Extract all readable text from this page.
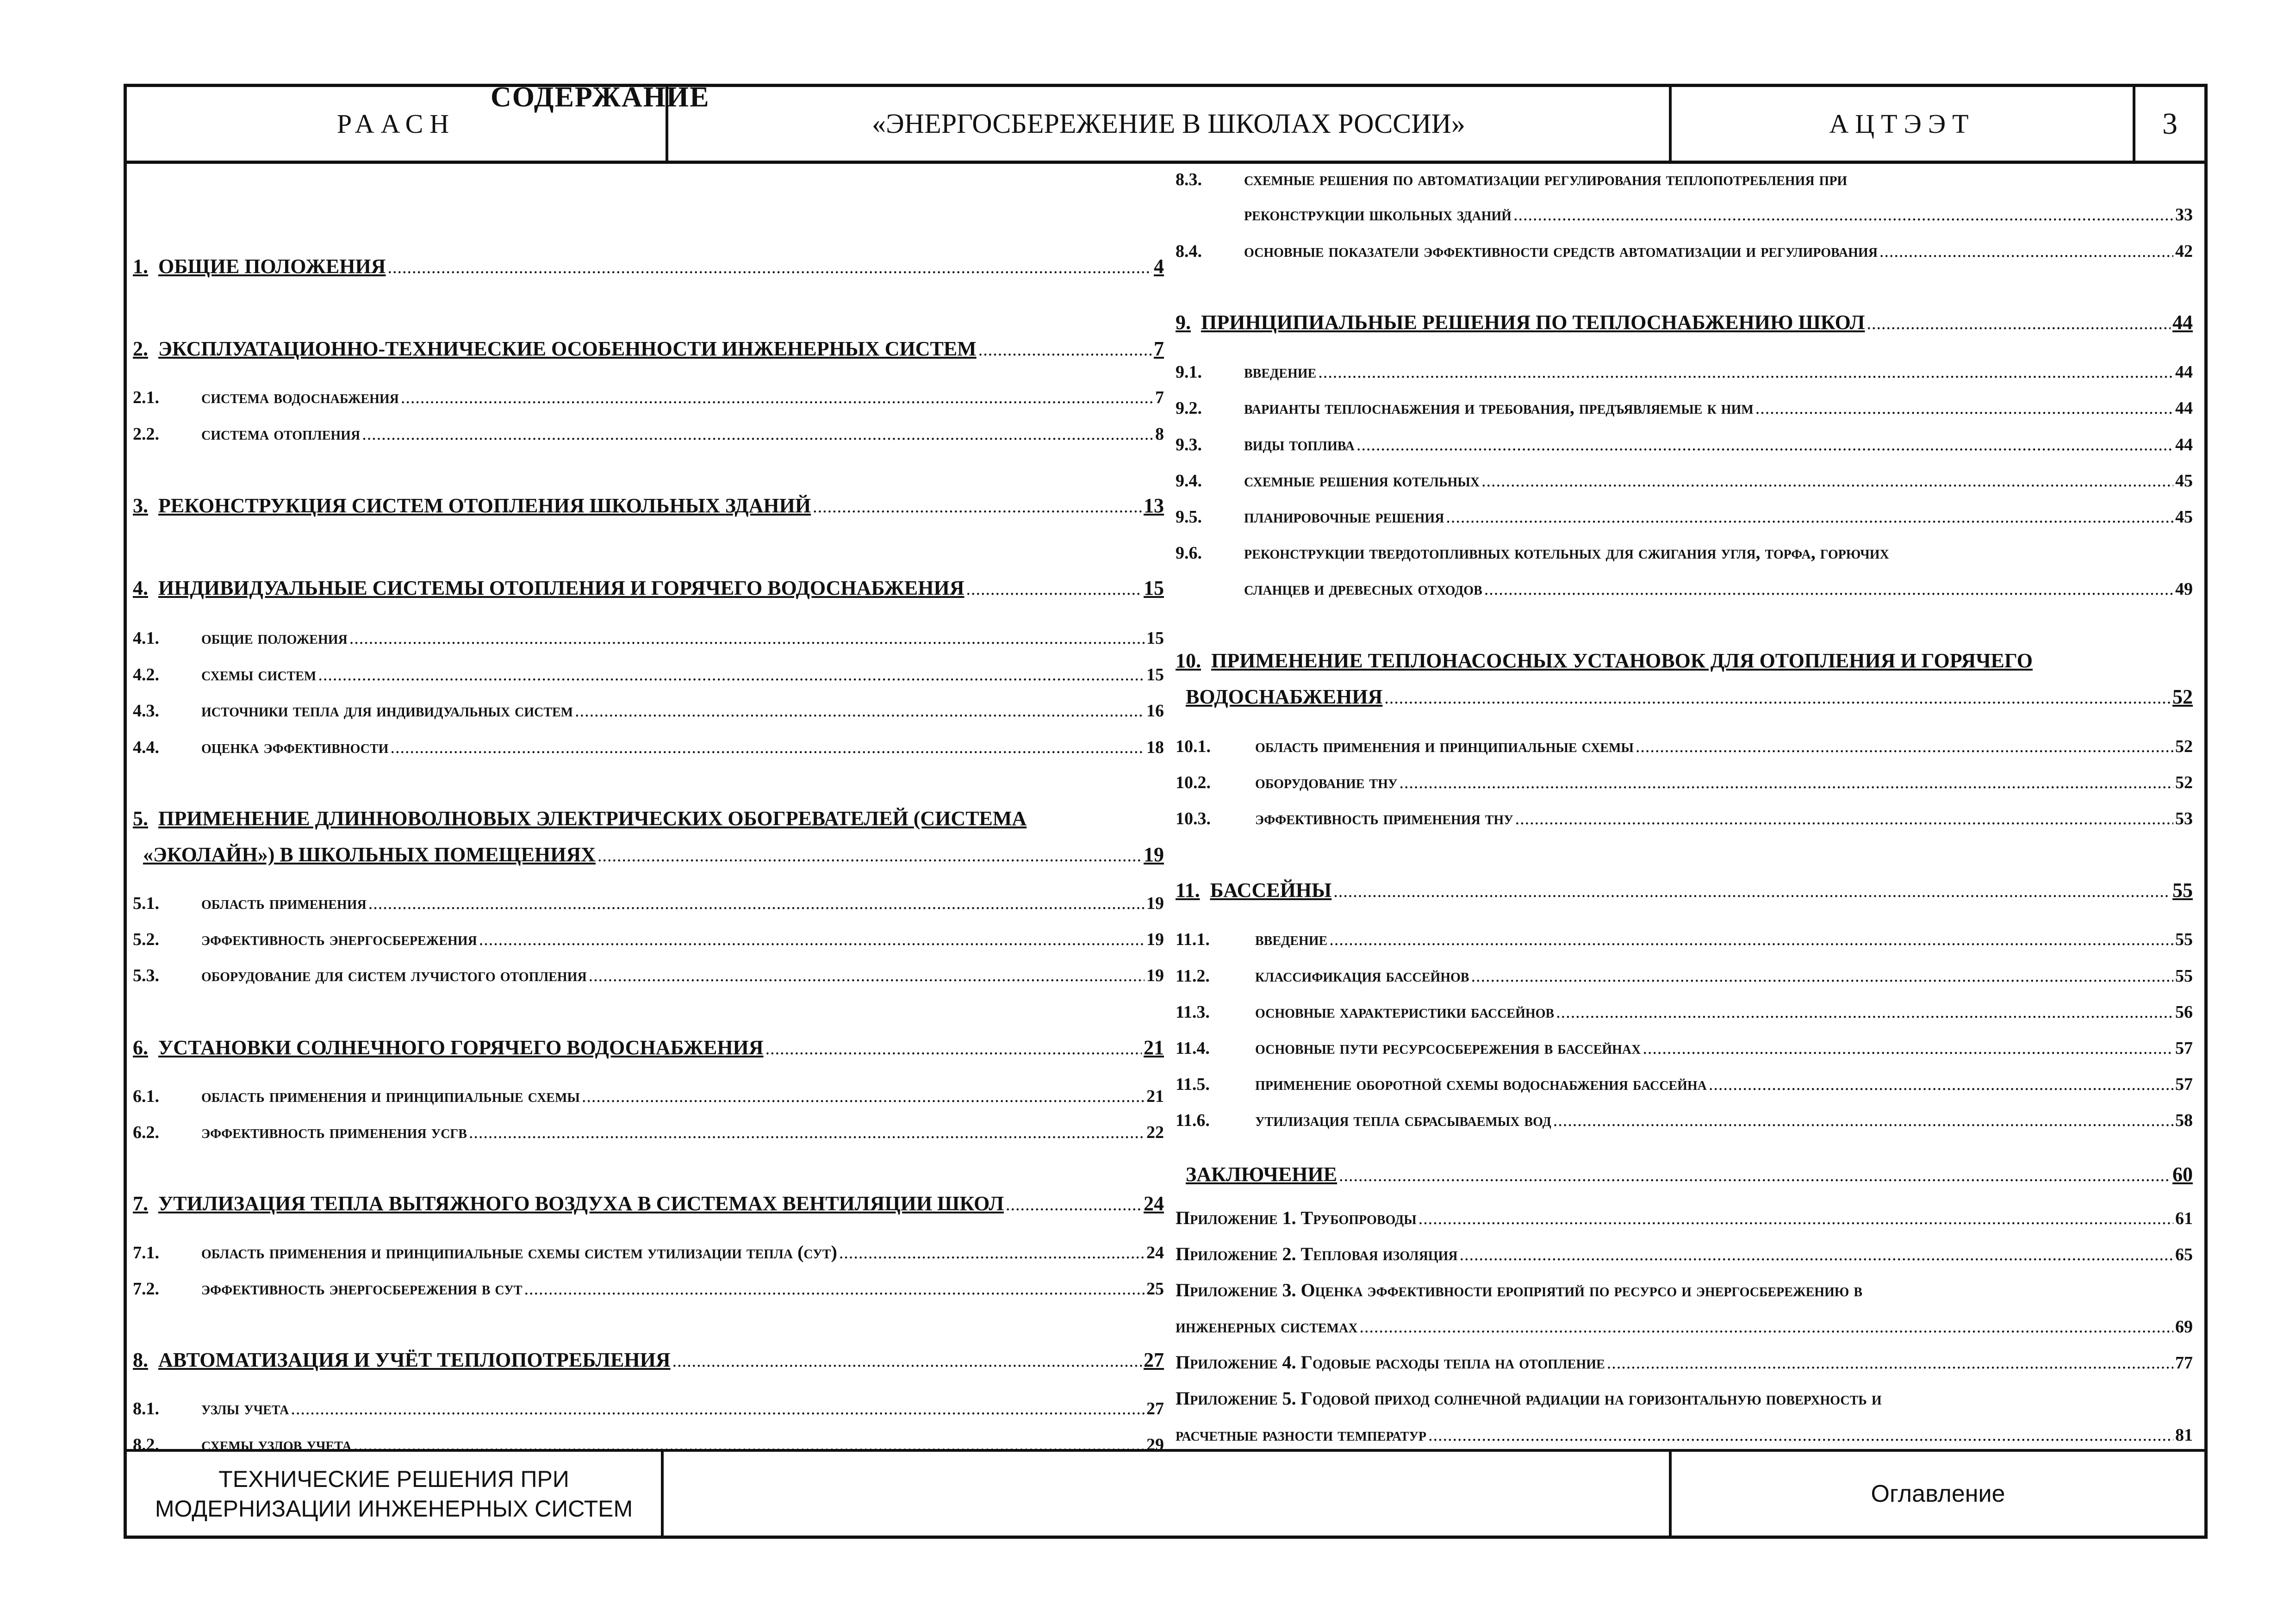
РААСН	«ЭНЕРГОСБЕРЕЖЕНИЕ В ШКОЛАХ РОССИИ»	АЦТЭЭТ	3
ТЕХНИЧЕСКИЕ РЕШЕНИЯ ПРИ
МОДЕРНИЗАЦИИ ИНЖЕНЕРНЫХ СИСТЕМ
Оглавление
СОДЕРЖАНИЕ
1. ОБЩИЕ ПОЛОЖЕНИЯ .....	4
2. ЭКСПЛУАТАЦИОННО-ТЕХНИЧЕСКИЕ ОСОБЕННОСТИ ИНЖЕНЕРНЫХ СИСТЕМ .....	7
2.1.	система водоснабжения .....	7
2.2.	система отопления .....	8
3. РЕКОНСТРУКЦИЯ СИСТЕМ ОТОПЛЕНИЯ ШКОЛЬНЫХ ЗДАНИЙ .....	13
4. ИНДИВИДУАЛЬНЫЕ СИСТЕМЫ ОТОПЛЕНИЯ И ГОРЯЧЕГО ВОДОСНАБЖЕНИЯ .....	15
4.1.	общие положения .....	15
4.2.	схемы систем .....	15
4.3.	источники тепла для индивидуальных систем .....	16
4.4.	оценка эффективности .....	18
5. ПРИМЕНЕНИЕ ДЛИННОВОЛНОВЫХ ЭЛЕКТРИЧЕСКИХ ОБОГРЕВАТЕЛЕЙ (СИСТЕМА
«ЭКОЛАЙН») В ШКОЛЬНЫХ ПОМЕЩЕНИЯХ .....	19
5.1.	область применения .....	19
5.2.	эффективность энергосбережения .....	19
5.3.	оборудование для систем лучистого отопления .....	19
6. УСТАНОВКИ СОЛНЕЧНОГО ГОРЯЧЕГО ВОДОСНАБЖЕНИЯ .....	21
6.1.	область применения и принципиальные схемы .....	21
6.2.	эффективность применения усгв .....	22
7. УТИЛИЗАЦИЯ ТЕПЛА ВЫТЯЖНОГО ВОЗДУХА В СИСТЕМАХ ВЕНТИЛЯЦИИ ШКОЛ .....	24
7.1.	область применения и принципиальные схемы систем утилизации тепла (сут) .....	24
7.2.	эффективность энергосбережения в сут .....	25
8. АВТОМАТИЗАЦИЯ И УЧЁТ ТЕПЛОПОТРЕБЛЕНИЯ .....	27
8.1.	узлы учета .....	27
8.2.	схемы узлов учета .....	29
8.3.	схемные решения по автоматизации регулирования теплопотребления при
реконструкции школьных зданий .....	33
8.4.	основные показатели эффективности средств автоматизации и регулирования .....	42
9. ПРИНЦИПИАЛЬНЫЕ РЕШЕНИЯ ПО ТЕПЛОСНАБЖЕНИЮ ШКОЛ .....	44
9.1.	введение .....	44
9.2.	варианты теплоснабжения и требования, предъявляемые к ним .....	44
9.3.	виды топлива .....	44
9.4.	схемные решения котельных .....	45
9.5.	планировочные решения .....	45
9.6.	реконструкции твердотопливных котельных для сжигания угля, торфа, горючих
сланцев и древесных отходов .....	49
10. ПРИМЕНЕНИЕ ТЕПЛОНАСОСНЫХ УСТАНОВОК ДЛЯ ОТОПЛЕНИЯ И ГОРЯЧЕГО
ВОДОСНАБЖЕНИЯ .....	52
10.1.	область применения и принципиальные схемы .....	52
10.2.	оборудование тну .....	52
10.3.	эффективность применения тну .....	53
11. БАССЕЙНЫ .....	55
11.1.	введение .....	55
11.2.	классификация бассейнов .....	55
11.3.	основные характеристики бассейнов .....	56
11.4.	основные пути ресурсосбережения в бассейнах .....	57
11.5.	применение оборотной схемы водоснабжения бассейна .....	57
11.6.	утилизация тепла сбрасываемых вод .....	58
ЗАКЛЮЧЕНИЕ .....	60
Приложение 1. Трубопроводы .....	61
Приложение 2. Тепловая изоляция .....	65
Приложение 3. Оценка эффективности еропріятий по ресурсо и энергосбережению в
инженерных системах .....	69
Приложение 4. Годовые расходы тепла на отопление .....	77
Приложение 5. Годовой приход солнечной радиации на горизонтальную поверхность и
расчетные разности температур .....	81
